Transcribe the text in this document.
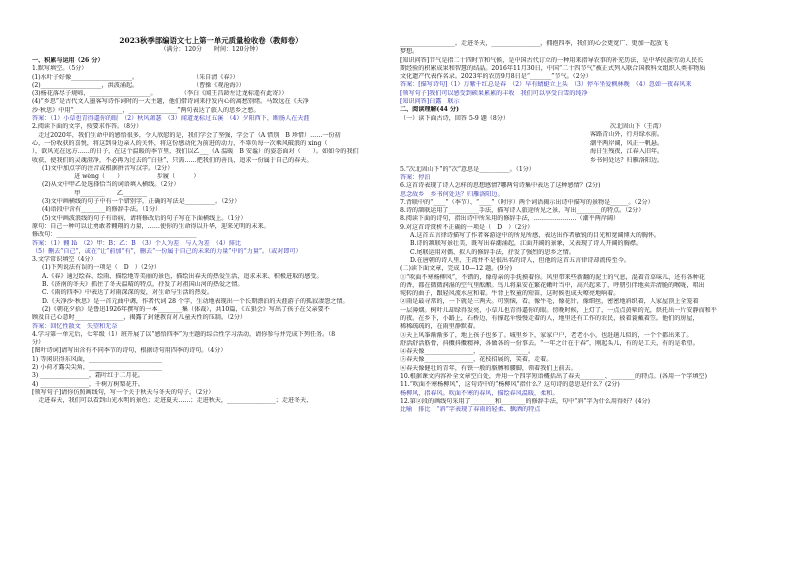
2023秋季部编语文七上第一单元质量检收卷（教师卷）
（满分：120分　　时间：120分钟）
一、积累与运用（26 分）
1.默写填空。（5分）
(1)水叶子好像____________________。　　　　　　　　　　（朱自清《春》）
(2)____________________，洪波涌起。　　　　　　　　　　（曹操《观沧海》）
(3)杨花落尽子规啼，____________________。　　　　　（李白《闻王昌龄左迁龙标遥有此寄》）
(4)“乡思”是古代文人墨客写诗作词时的一大主题，他们借诗词来抒发内心的离愁别绪。马致远在《天净
沙·秋思》中用“________________，________________”两句表达了旅人的思乡之愁。
答案：（1）小草也青得逼你的眼　（2）秋风萧瑟　（3）闻道龙标过五溪　（4）夕阳西下，断肠人在天涯
2.阅读下面的文字，按要求作答。（8分）
　走过2020年，我们生命中的感悟很多，令人欣慰的是，我们学会了坚强，学会了（A 惜别　B 珍惜）……一份初
心，一份收获的喜悦，将这到身边亲人的关怀，将这份感动化为前进的动力，不辜负每一次乘风破浪的 xing（
），欲风光在远方……的日子，在这个温暖的季节里，我们以乙___（A 温暖　B 安谧）的姿态面对（　　）。如如今的我们
收获，使我们的灵魂澄净，不必再为过去的“白昼”，只需……把我们的善良，追求一份属于自己的春天。
(1)文中加点字的注音或根据拼音写汉字。（2分）
　　迸 wèng（　　）　　　　　　步履（　　　）
(2)从文中甲乙处选择恰当的词语填入横线。（2分）
　　甲________　　乙________
(3)文中画横线的句子中有一个错别字，正确的写法是__________。（2分）
(4)语段中含有________的修辞手法。（1分）
(5)文中画波浪线的句子有语病，请将修改后的句子写在下面横线上。（1分）
原句：自己一种可以让勇敢者翱翔的力量，……使你的生命得以升华，迎来光明的未来。
修改句：______________________________________________
答案：（1）翱 lǚ　（2）甲：B；乙：B　（3）个人为差　与人为差　（4）排比
（5）删去“自己”，或在“让”前加“有”，删去“一份属于自己的未来的力量”中的“力量”。（或对即可）
3.文学常识填空（4分）
(1)下列说法有误的一项是（　D　）（2分）
A.《春》通过绘春、绘雨、描绘地等美丽的景色，描绘出春天的热爱生活，追求未来、积极进取的感受。
B.《济南的冬天》抓住了冬天温晴的特点，抒发了对祖国山河的热爱之情。
C.《雨的四季》中表达了对雨深深的爱，对生命与生活的热爱。
D.《天净沙·秋思》是一首元曲中调，作者代词 28 个字，生动地表现出一个长期漂泊的天涯游子的孤寂凄怨之情。
(2)《朝花夕拾》是鲁迅1926年撰写的一本________集（体裁），共10篇，《五猖会》写出了孩子在父亲要不
顾及自己心意时________________，揭露了封建教育对儿童天性的压制。（2分）
答案：回忆性散文　失望和无奈
4.学习第一单元后，七年级（1）班开展了以“感悟四季”为主题的综合性学习活动，请你参与并完成下列任务。（8
分）
[图叶诗词]请写出含有不同季节的诗句，根据诗句用四季的诗句。（4分）
1) 等闲识得东风面，________________________
2) 小荷才露尖尖角，________________________
3) ________________，霜叶红于二月花。
4) ________________，千树万树梨花开。
[领写句子]请你仿照画线句，写一个关于秋天与冬天的句子。（2分）
　走进春天，我们可以看到山光水明的景色；走进夏天……；走进秋天，________________；走进冬天，
__________________。走进冬天，________________，拥抱四季，我们的心会更宽广、更加一起放飞
梦想。
[知识问答]节气是指二十四时节和气候，是中国古代订立的一种用来指导农事的补充历法，是中华民族劳动人民长
期经验的积累成果和智慧的结晶。2016年11月30日，中国“二十四节气”被正式列入联合国教科文组织人类非物质
文化遗产代表作名录。2023年的农历9月8日是“_______”节气。（2分）
答案：[描写诗句]（1）万紫千红总是春　（2）早有蜻蜓立上头　（3）停车坐爱枫林晚　（4）忽如一夜春风来
[领写句子]我们可以感受到硕果累累的丰收　我们可以享受白雪的纯净
[知识问答]白露　联示
二、阅读理解(44 分)
（一）读下面古诗，回答 5-9 题（8分）
次北固山下（王湾）
客路青山外，行舟绿水前。
潮平两岸阔，风正一帆悬。
海日生残夜，江春入旧年。
乡书何处达？归雁洛阳边。
5.“次北固山下”的“次”意思是__________。（1分）
答案：停泊
6.这首诗表现了诗人怎样的思想感情?哪两句诗集中表达了这种感情？(2分)
思念故乡　乡书何处达？归雁洛阳边。
7.背联中的“____”（季节）、“____”（时序）两个词语揭示出诗中描写的景物是______。（2分）
8.诗的颔联运用了__________手法，描写诗人旅途所见之景，写出________的特点。（2分）
8.阅读下面的诗句，指出诗中所采用的修辞手法，…………………（潮平两岸阔）
9.对这首诗赏析不正确的一项是（　D　）（2分）
A.这首五言律诗描写了作者客游途中的所见所感，表达出作者敏锐的目光和宽阔博大的胸怀。
B.诗的颔联写景壮美，既写出春潮涌起，江面开阔的景象，又表现了诗人开阔的胸襟。
C.尾联运用对偶、拟人的修辞手法，抒发了强烈的思乡之情。
D.在唐朝的诗人里，王湾并不是很出名的诗人，但他的这首五言律诗却流传至今。
(二)读下面文章，完成 10—12 题。(9分)
①“吹面不寒杨柳风”，不错的，像母亲的手抚摸着你。风里带来些新翻的泥土的气息，混着青草味儿，还有各种花
的香，都在微微润湿的空气里酝酿。鸟儿将巢安在繁花嫩叶当中，高兴起来了，呼朋引伴地卖弄清脆的喉咙，唱出
宛转的曲子，跟轻风流水应和着。牛背上牧童的短笛，这时候也成天嘹亮地响着。
②雨是最寻常的，一下就是三两天。可别恼，看，像牛毛，像花针，像细丝，密密地斜织着，人家屋顶上全笼着
一层薄烟。树叶儿却绿得发亮，小草儿也青得逼你的眼。傍晚时候，上灯了，一点点黄晕的光，烘托出一片安静而和平
的夜。在乡下，小路上，石桥边，有撑起伞慢慢走着的人，地里还有工作的农民，披着蓑戴着笠。他们的房屋，
稀稀疏疏的，在雨里静默着。
③天上风筝渐渐多了，地上孩子也多了。城里乡下，家家户户，老老小小，也赶趟儿似的，一个个都出来了。
舒活舒活筋骨，抖擞抖擞精神，各做各的一份事去。“一年之计在于春”，刚起头儿，有的是工夫，有的是希望。
④春天像________________，________________。
⑤春天像________________，花枝招展的，笑着，走着。
⑥春天像健壮的青年，有铁一般的胳膊和腰脚，领着我们上前去。
10.根据课文内容补全文章空白处，并用一个四字短语概括出了春天________、________的特点。(各用一个字填空)
11.“吹面不寒杨柳风”，这句诗中的“杨柳风”指什么？这句诗的意思是什么？(2分)
杨柳风，指春风。吹面不寒的春风，描绘春风温暖，柔和。
12.第②段的画线句采用了________和________的修辞手法，句中“斜”字为什么用得好？(4分)
比喻　排比　“斜”字表现了春雨的轻柔、飘洒的特点
